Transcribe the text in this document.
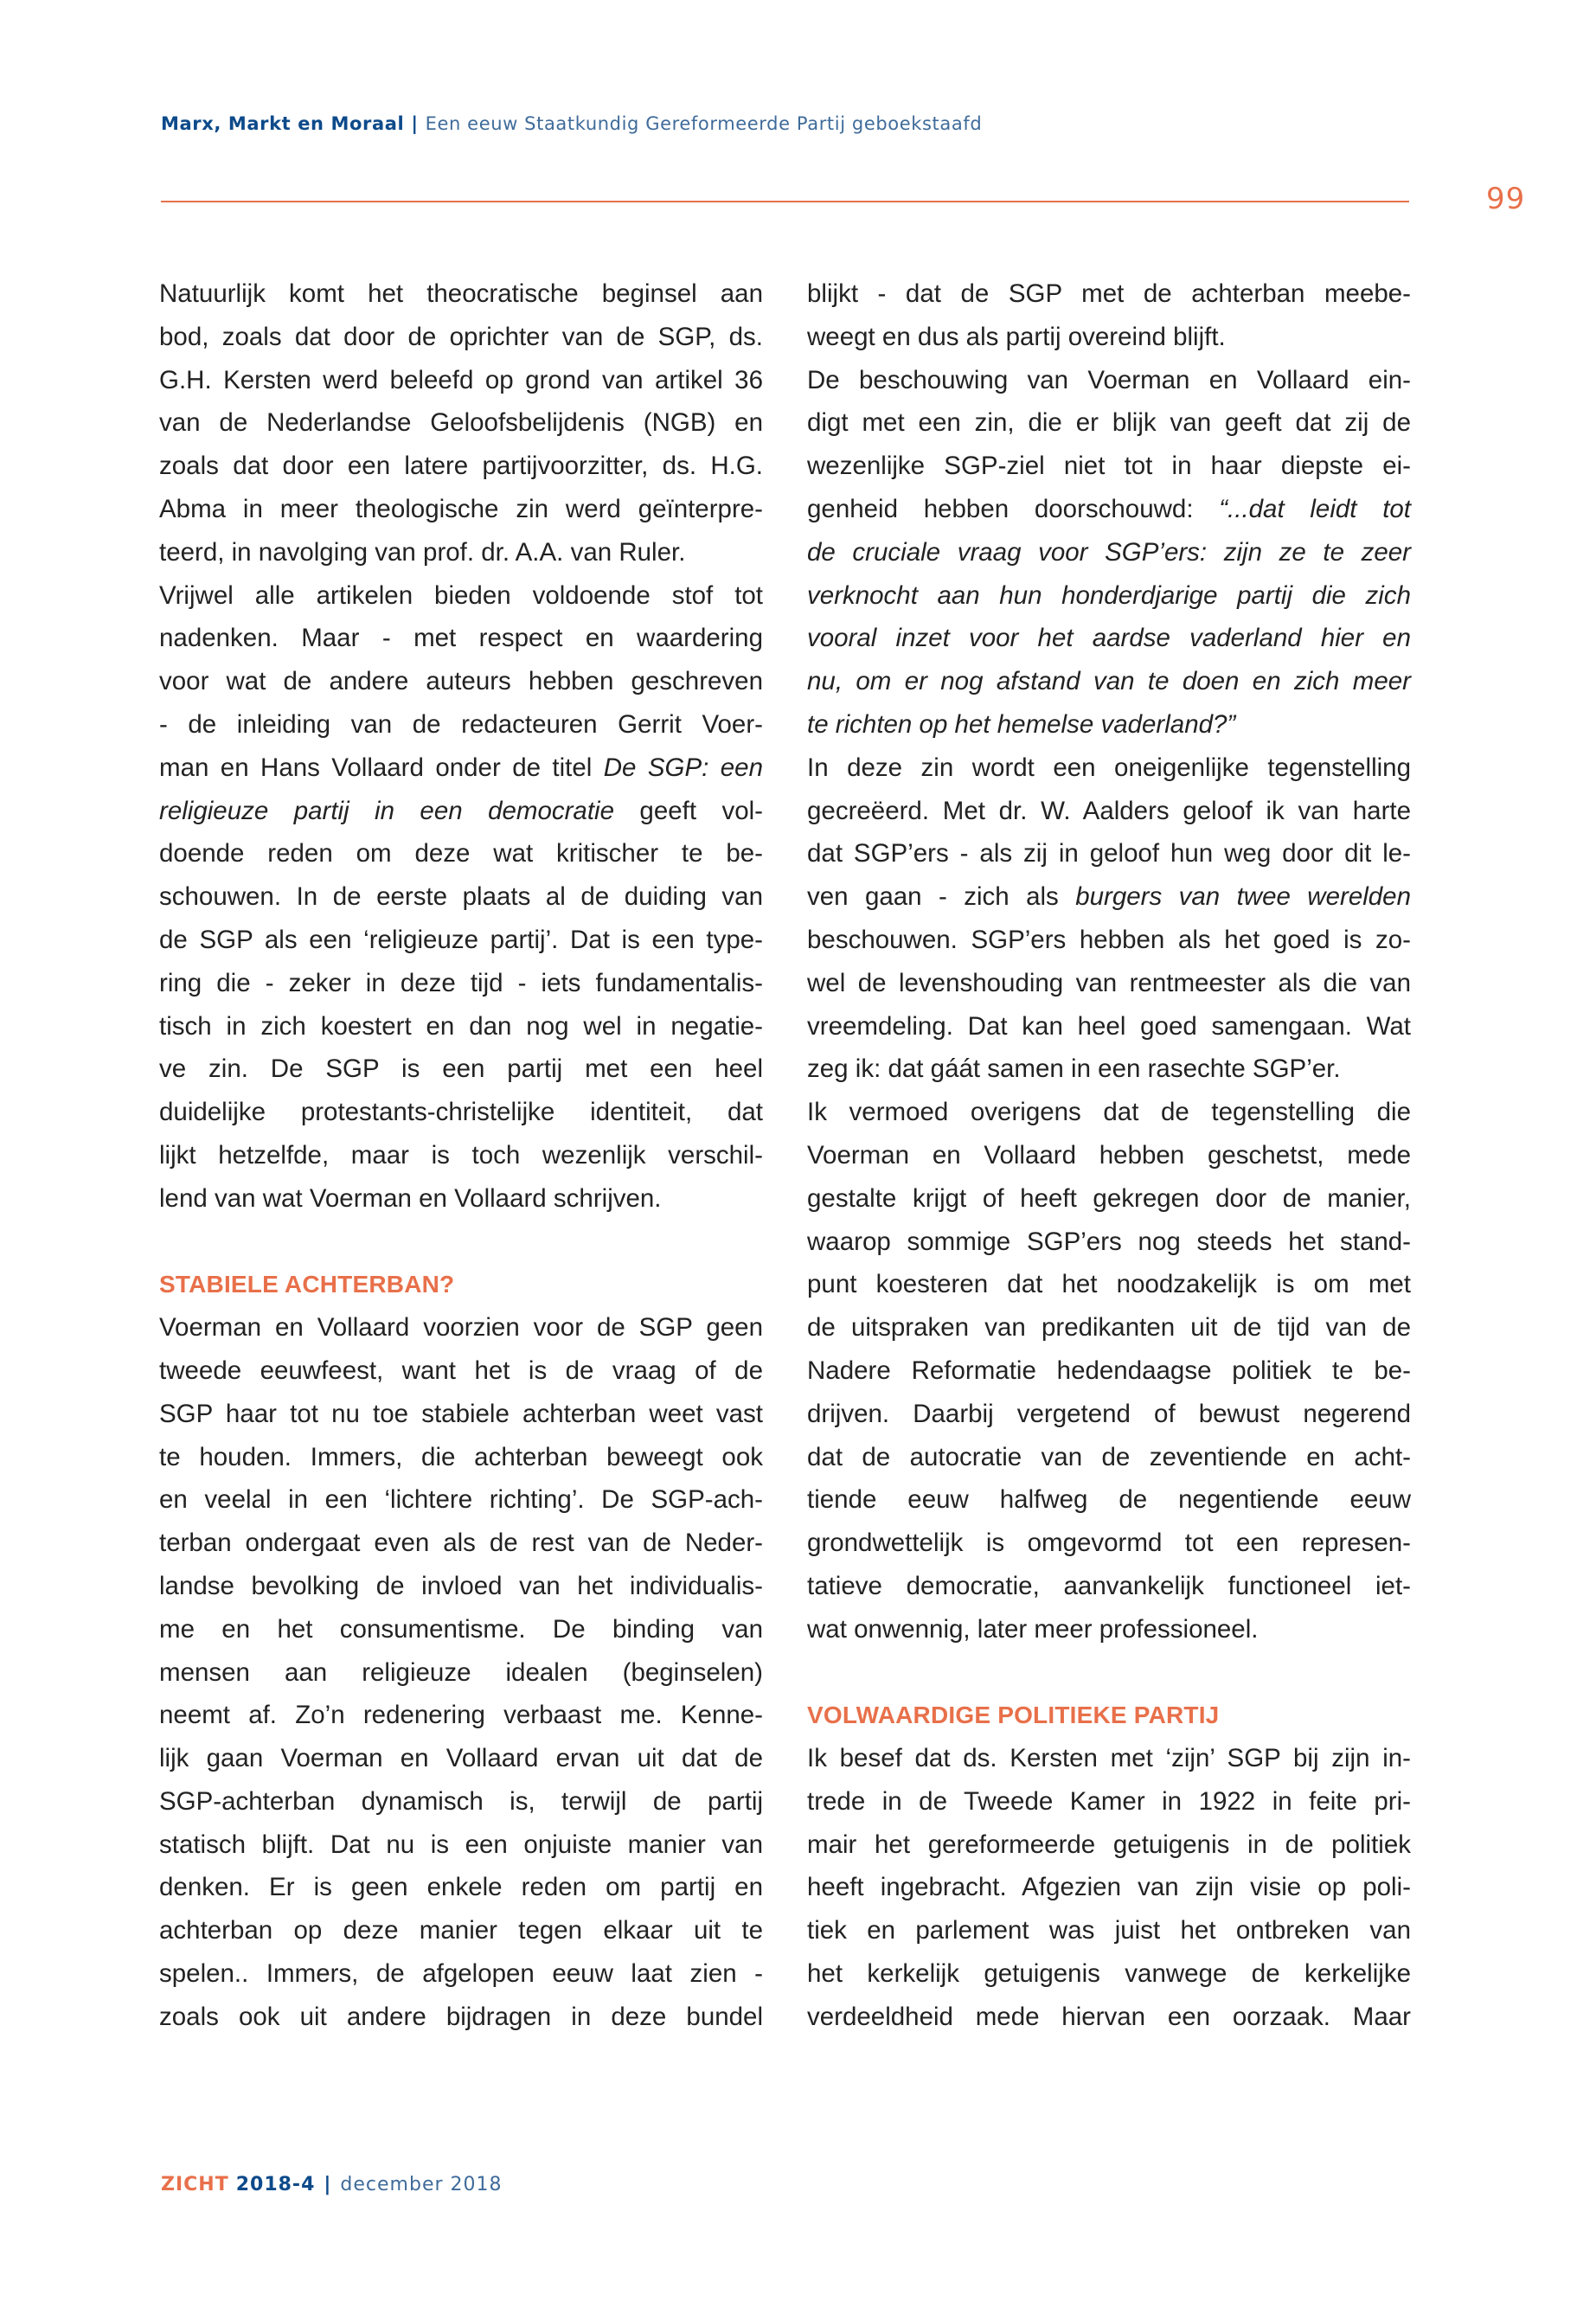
Marx, Markt en Moraal | Een eeuw Staatkundig Gereformeerde Partij geboekstaafd
99
Natuurlijk komt het theocratische beginsel aan
bod, zoals dat door de oprichter van de SGP, ds.
G.H. Kersten werd beleefd op grond van artikel 36
van de Nederlandse Geloofsbelijdenis (NGB) en
zoals dat door een latere partijvoorzitter, ds. H.G.
Abma in meer theologische zin werd geïnterpre-
teerd, in navolging van prof. dr. A.A. van Ruler.
Vrijwel alle artikelen bieden voldoende stof tot
nadenken. Maar - met respect en waardering
voor wat de andere auteurs hebben geschreven
- de inleiding van de redacteuren Gerrit Voer-
man en Hans Vollaard onder de titel De SGP: een
religieuze partij in een democratie geeft vol-
doende reden om deze wat kritischer te be-
schouwen. In de eerste plaats al de duiding van
de SGP als een ‘religieuze partij’. Dat is een type-
ring die - zeker in deze tijd - iets fundamentalis-
tisch in zich koestert en dan nog wel in negatie-
ve zin. De SGP is een partij met een heel
duidelijke protestants-christelijke identiteit, dat
lijkt hetzelfde, maar is toch wezenlijk verschil-
lend van wat Voerman en Vollaard schrijven.
STABIELE ACHTERBAN?
Voerman en Vollaard voorzien voor de SGP geen
tweede eeuwfeest, want het is de vraag of de
SGP haar tot nu toe stabiele achterban weet vast
te houden. Immers, die achterban beweegt ook
en veelal in een ‘lichtere richting’. De SGP-ach-
terban ondergaat even als de rest van de Neder-
landse bevolking de invloed van het individualis-
me en het consumentisme. De binding van
mensen aan religieuze idealen (beginselen)
neemt af. Zo’n redenering verbaast me. Kenne-
lijk gaan Voerman en Vollaard ervan uit dat de
SGP-achterban dynamisch is, terwijl de partij
statisch blijft. Dat nu is een onjuiste manier van
denken. Er is geen enkele reden om partij en
achterban op deze manier tegen elkaar uit te
spelen.. Immers, de afgelopen eeuw laat zien -
zoals ook uit andere bijdragen in deze bundel
blijkt - dat de SGP met de achterban meebe-
weegt en dus als partij overeind blijft.
De beschouwing van Voerman en Vollaard ein-
digt met een zin, die er blijk van geeft dat zij de
wezenlijke SGP-ziel niet tot in haar diepste ei-
genheid hebben doorschouwd: “...dat leidt tot
de cruciale vraag voor SGP’ers: zijn ze te zeer
verknocht aan hun honderdjarige partij die zich
vooral inzet voor het aardse vaderland hier en
nu, om er nog afstand van te doen en zich meer
te richten op het hemelse vaderland?”
In deze zin wordt een oneigenlijke tegenstelling
gecreëerd. Met dr. W. Aalders geloof ik van harte
dat SGP’ers - als zij in geloof hun weg door dit le-
ven gaan - zich als burgers van twee werelden
beschouwen. SGP’ers hebben als het goed is zo-
wel de levenshouding van rentmeester als die van
vreemdeling. Dat kan heel goed samengaan. Wat
zeg ik: dat gáát samen in een rasechte SGP’er.
Ik vermoed overigens dat de tegenstelling die
Voerman en Vollaard hebben geschetst, mede
gestalte krijgt of heeft gekregen door de manier,
waarop sommige SGP’ers nog steeds het stand-
punt koesteren dat het noodzakelijk is om met
de uitspraken van predikanten uit de tijd van de
Nadere Reformatie hedendaagse politiek te be-
drijven. Daarbij vergetend of bewust negerend
dat de autocratie van de zeventiende en acht-
tiende eeuw halfweg de negentiende eeuw
grondwettelijk is omgevormd tot een represen-
tatieve democratie, aanvankelijk functioneel iet-
wat onwennig, later meer professioneel.
VOLWAARDIGE POLITIEKE PARTIJ
Ik besef dat ds. Kersten met ‘zijn’ SGP bij zijn in-
trede in de Tweede Kamer in 1922 in feite pri-
mair het gereformeerde getuigenis in de politiek
heeft ingebracht. Afgezien van zijn visie op poli-
tiek en parlement was juist het ontbreken van
het kerkelijk getuigenis vanwege de kerkelijke
verdeeldheid mede hiervan een oorzaak. Maar
ZICHT 2018-4 | december 2018
